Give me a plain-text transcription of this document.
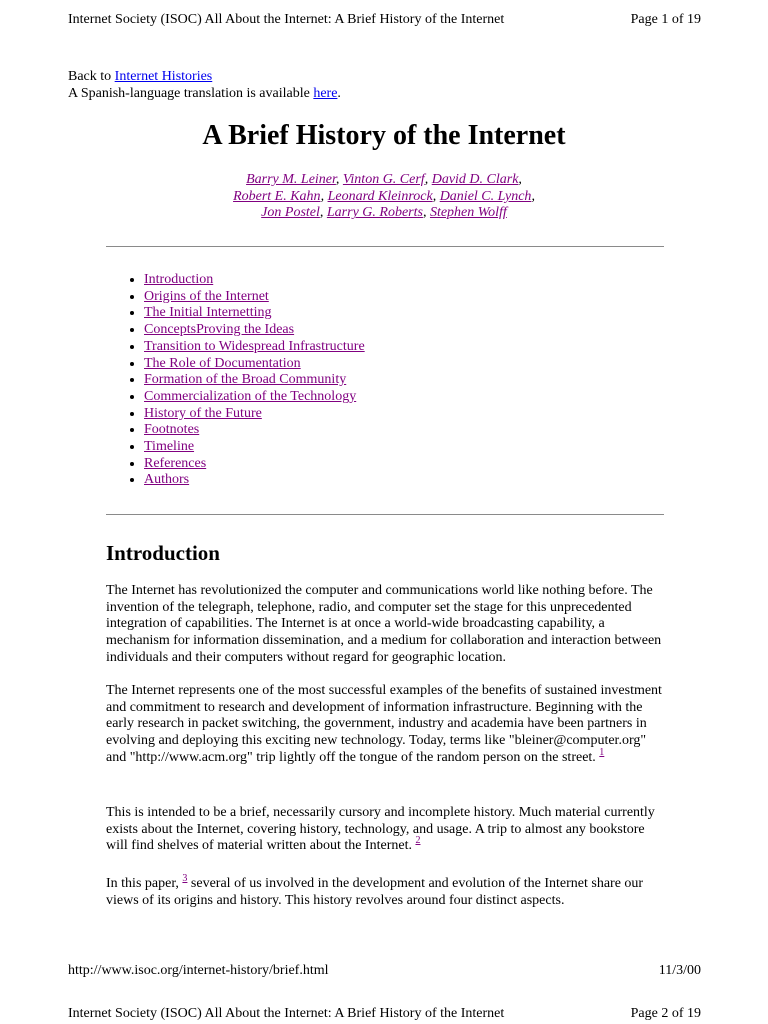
Internet Society (ISOC) All About the Internet: A Brief History of the Internet	Page 1 of 19
Back to Internet Histories
A Spanish-language translation is available here.
A Brief History of the Internet
Barry M. Leiner, Vinton G. Cerf, David D. Clark,
Robert E. Kahn, Leonard Kleinrock, Daniel C. Lynch,
Jon Postel, Larry G. Roberts, Stephen Wolff
• Introduction
• Origins of the Internet
• The Initial Internetting
• ConceptsProving the Ideas
• Transition to Widespread Infrastructure
• The Role of Documentation
• Formation of the Broad Community
• Commercialization of the Technology
• History of the Future
• Footnotes
• Timeline
• References
• Authors
Introduction

The Internet has revolutionized the computer and communications world like nothing before. The invention of the telegraph, telephone, radio, and computer set the stage for this unprecedented integration of capabilities. The Internet is at once a world-wide broadcasting capability, a mechanism for information dissemination, and a medium for collaboration and interaction between individuals and their computers without regard for geographic location.

The Internet represents one of the most successful examples of the benefits of sustained investment and commitment to research and development of information infrastructure. Beginning with the early research in packet switching, the government, industry and academia have been partners in evolving and deploying this exciting new technology. Today, terms like "bleiner@computer.org" and "http://www.acm.org" trip lightly off the tongue of the random person on the street. $^1$

This is intended to be a brief, necessarily cursory and incomplete history. Much material currently exists about the Internet, covering history, technology, and usage. A trip to almost any bookstore will find shelves of material written about the Internet. $^2$

In this paper, $^3$ several of us involved in the development and evolution of the Internet share our views of its origins and history. This history revolves around four distinct aspects.

http://www.isoc.org/internet-history/brief.html	11/3/00
Internet Society (ISOC) All About the Internet: A Brief History of the Internet	Page 2 of 19
